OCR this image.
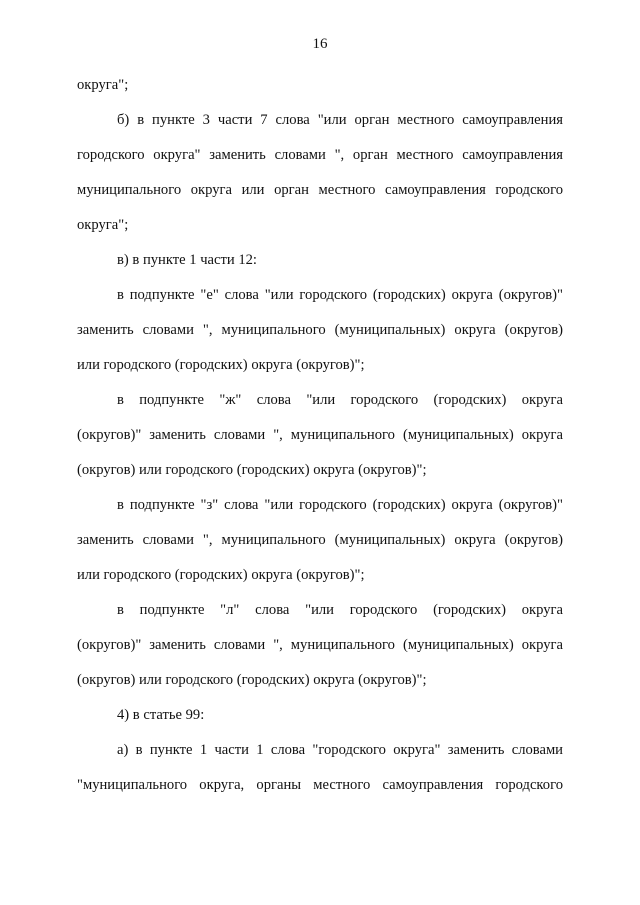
16
округа";
б) в пункте 3 части 7 слова "или орган местного самоуправления
городского округа" заменить словами ", орган местного самоуправления
муниципального округа или орган местного самоуправления городского
округа";
в) в пункте 1 части 12:
в подпункте "е" слова "или городского (городских) округа (округов)"
заменить словами ", муниципального (муниципальных) округа (округов)
или городского (городских) округа (округов)";
в подпункте "ж" слова "или городского (городских) округа
(округов)" заменить словами ", муниципального (муниципальных) округа
(округов) или городского (городских) округа (округов)";
в подпункте "з" слова "или городского (городских) округа (округов)"
заменить словами ", муниципального (муниципальных) округа (округов)
или городского (городских) округа (округов)";
в подпункте "л" слова "или городского (городских) округа
(округов)" заменить словами ", муниципального (муниципальных) округа
(округов) или городского (городских) округа (округов)";
4) в статье 99:
а) в пункте 1 части 1 слова "городского округа" заменить словами
"муниципального округа, органы местного самоуправления городского
